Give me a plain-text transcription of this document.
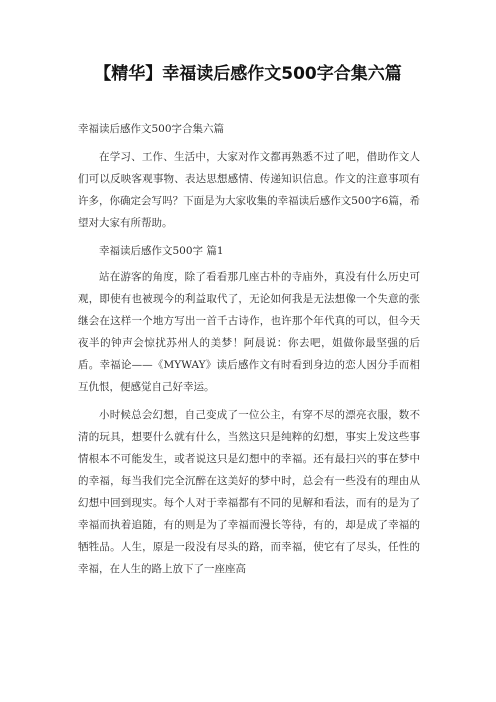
【精华】幸福读后感作文500字合集六篇

幸福读后感作文500字合集六篇

在学习、工作、生活中，大家对作文都再熟悉不过了吧，借助作文人们可以反映客观事物、表达思想感情、传递知识信息。作文的注意事项有许多，你确定会写吗？下面是为大家收集的幸福读后感作文500字6篇，希望对大家有所帮助。

幸福读后感作文500字 篇1

站在游客的角度，除了看看那几座古朴的寺庙外，真没有什么历史可观，即使有也被现今的利益取代了，无论如何我是无法想像一个失意的张继会在这样一个地方写出一首千古诗作，也许那个年代真的可以，但今天夜半的钟声会惊扰苏州人的美梦！阿晨说：你去吧，姐做你最坚强的后盾。幸福论——《MYWAY》读后感作文有时看到身边的恋人因分手而相互仇恨，便感觉自己好幸运。

小时候总会幻想，自己变成了一位公主，有穿不尽的漂亮衣服，数不清的玩具，想要什么就有什么，当然这只是纯粹的幻想，事实上发这些事情根本不可能发生，或者说这只是幻想中的幸福。还有最扫兴的事在梦中的幸福，每当我们完全沉醉在这美好的梦中时，总会有一些没有的理由从幻想中回到现实。每个人对于幸福都有不同的见解和看法，而有的是为了幸福而执着追随，有的则是为了幸福而漫长等待，有的，却是成了幸福的牺牲品。人生，原是一段没有尽头的路，而幸福，使它有了尽头，任性的幸福，在人生的路上放下了一座座高
